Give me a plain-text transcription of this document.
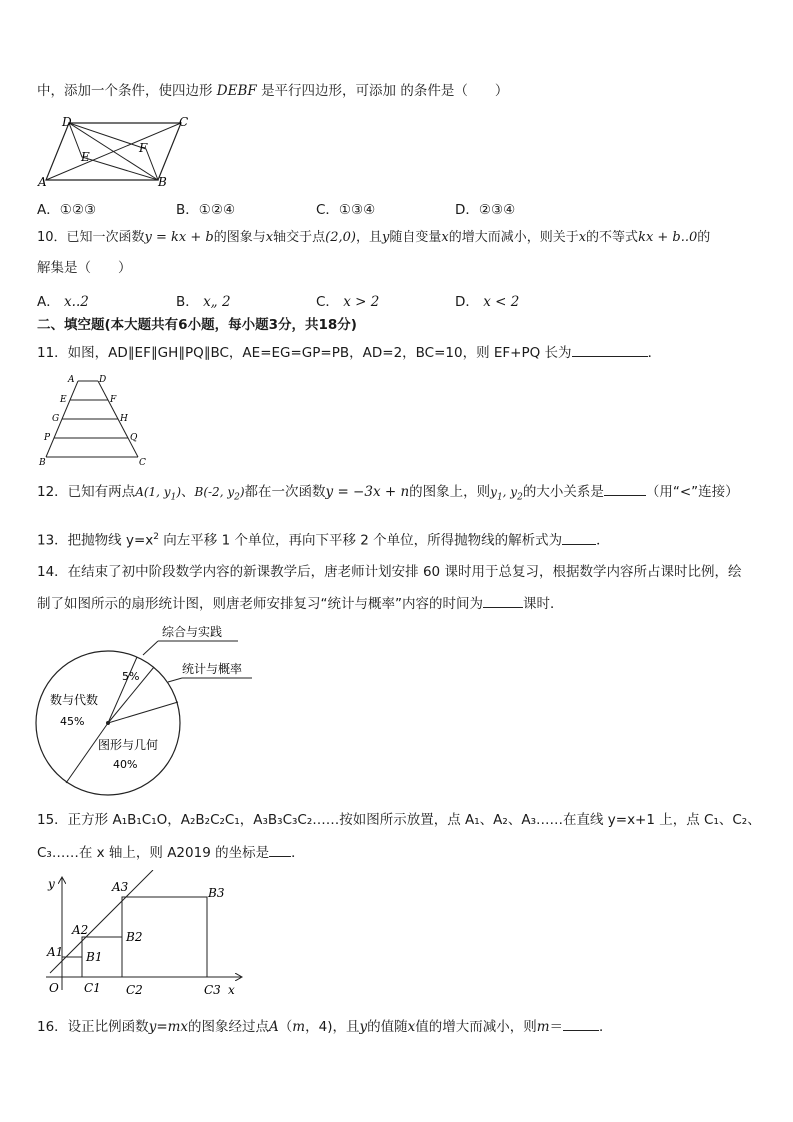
中，添加一个条件，使四边形 DEBF 是平行四边形，可添加 的条件是（　　）
D	C
E
F
A	B
A．①②③	B．①②④	C．①③④	D．②③④
10．已知一次函数y = kx + b的图象与x轴交于点(2,0)，且y随自变量x的增大而减小，则关于x的不等式kx + b..0的
解集是（　　）
A． x..2	B． x„ 2	C． x > 2	D． x < 2
二、填空题(本大题共有6小题，每小题3分，共18分)
11．如图，AD∥EF∥GH∥PQ∥BC，AE=EG=GP=PB，AD=2，BC=10，则 EF+PQ 长为	．
A	D
E	F
G	H
P	Q
B	C
12．已知有两点A(1, $y_1$)、B(-2, $y_2$)都在一次函数y = −3x + n的图象上，则$y_1$, $y_2$的大小关系是	（用“<”连接）
13．把抛物线 $y=x^2$ 向左平移 1 个单位，再向下平移 2 个单位，所得抛物线的解析式为	．
14．在结束了初中阶段数学内容的新课教学后，唐老师计划安排 60 课时用于总复习，根据数学内容所占课时比例，绘
制了如图所示的扇形统计图，则唐老师安排复习“统计与概率”内容的时间为	课时．
综合与实践
5%
统计与概率
数与代数
45%
图形与几何
40%
15．正方形 A₁B₁C₁O，A₂B₂C₂C₁，A₃B₃C₃C₂……按如图所示放置，点 A₁、A₂、A₃……在直线 y=x+1 上，点 C₁、C₂、
C₃……在 x 轴上，则 A2019 的坐标是 ．
y	A3	B3
A2	B2
A1 B1
O C1 C2	C3 x
16．设正比例函数y=mx的图象经过点A（m，4)，且y的值随x值的增大而减小，则m＝	．
